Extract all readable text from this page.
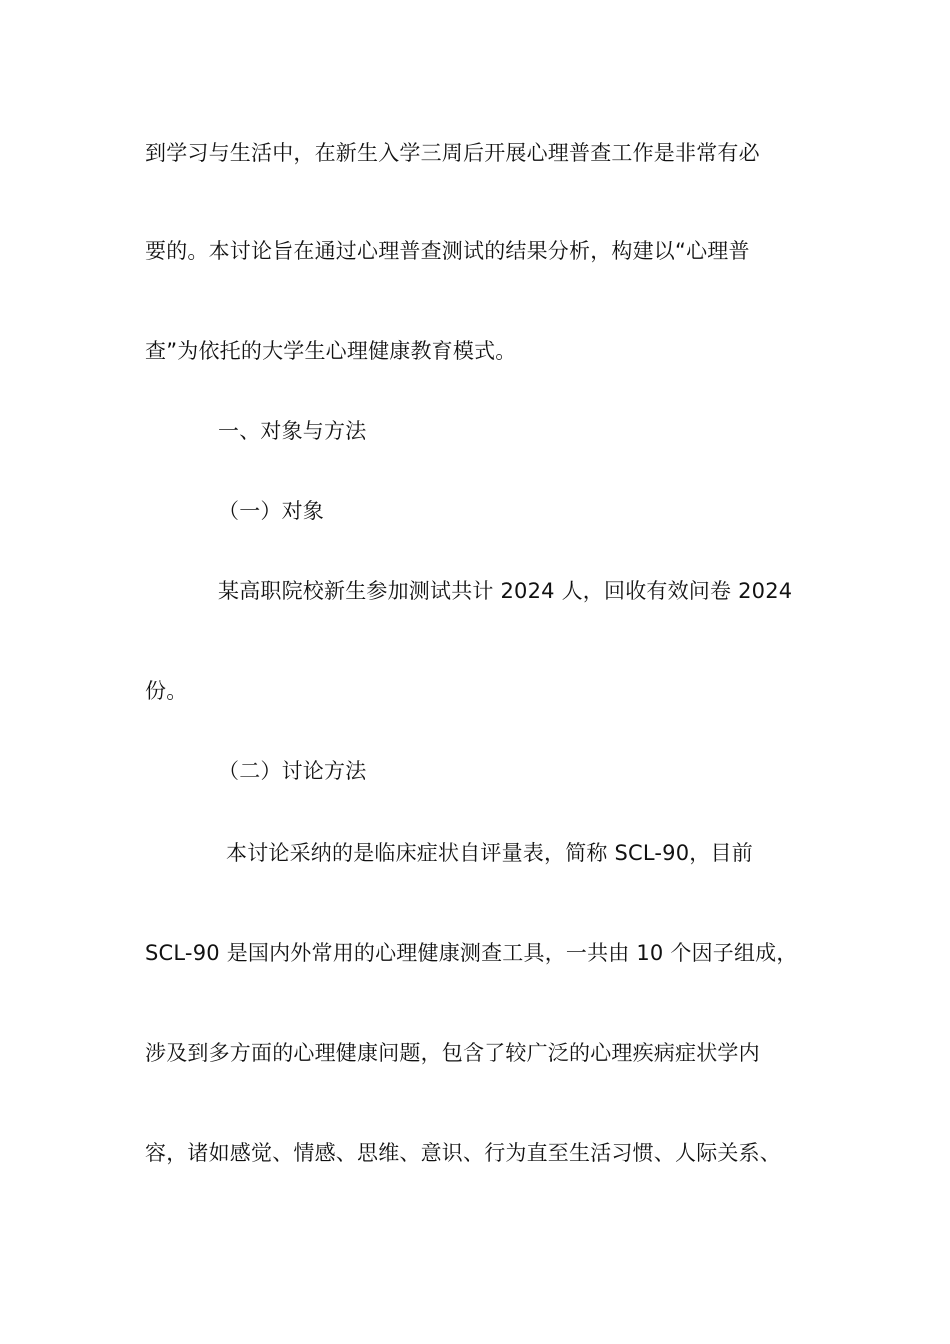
到学习与生活中，在新生入学三周后开展心理普查工作是非常有必
要的。本讨论旨在通过心理普查测试的结果分析，构建以“心理普
查”为依托的大学生心理健康教育模式。
一、对象与方法
（一）对象
某高职院校新生参加测试共计 2024 人，回收有效问卷 2024
份。
（二）讨论方法
本讨论采纳的是临床症状自评量表，简称 SCL-90，目前
SCL-90 是国内外常用的心理健康测查工具，一共由 10 个因子组成，
涉及到多方面的心理健康问题，包含了较广泛的心理疾病症状学内
容，诸如感觉、情感、思维、意识、行为直至生活习惯、人际关系、
